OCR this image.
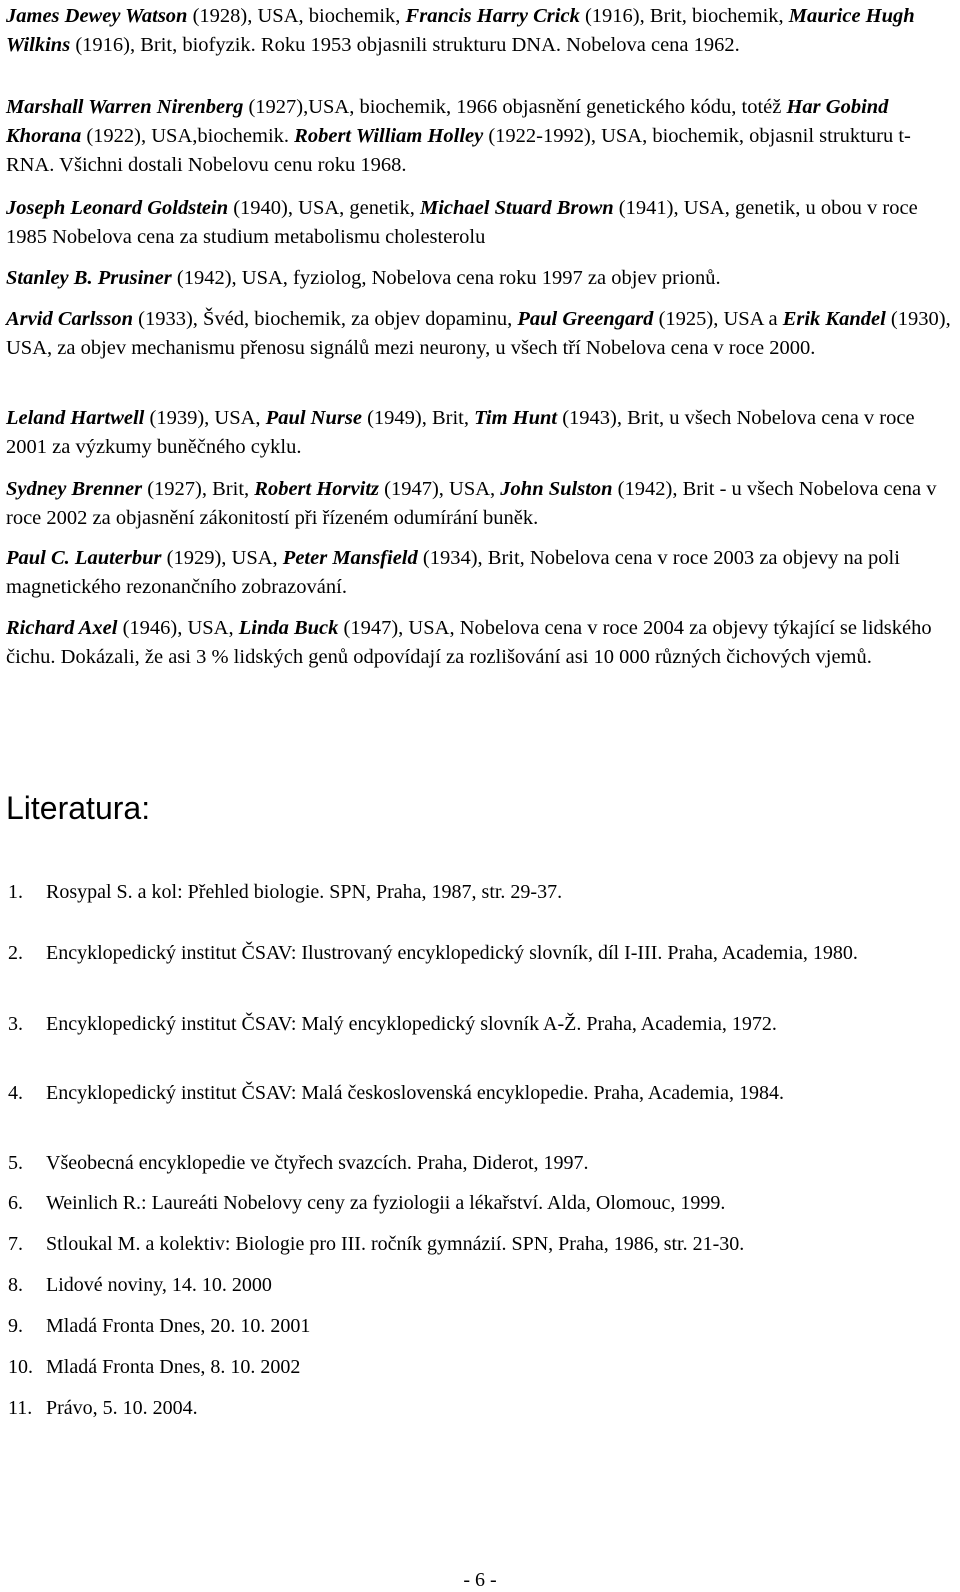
James Dewey Watson (1928), USA, biochemik, Francis Harry Crick (1916), Brit, biochemik, Maurice Hugh Wilkins (1916), Brit, biofyzik. Roku 1953 objasnili strukturu DNA. Nobelova cena 1962.

Marshall Warren Nirenberg (1927),USA, biochemik, 1966 objasnění genetického kódu, totéž Har Gobind Khorana (1922), USA,biochemik. Robert William Holley (1922-1992), USA, biochemik, objasnil strukturu t-RNA. Všichni dostali Nobelovu cenu roku 1968.

Joseph Leonard Goldstein (1940), USA, genetik, Michael Stuard Brown (1941), USA, genetik, u obou v roce 1985 Nobelova cena za studium metabolismu cholesterolu

Stanley B. Prusiner (1942), USA, fyziolog, Nobelova cena roku 1997 za objev prionů.

Arvid Carlsson (1933), Švéd, biochemik, za objev dopaminu, Paul Greengard (1925), USA a Erik Kandel (1930), USA, za objev mechanismu přenosu signálů mezi neurony, u všech tří Nobelova cena v roce 2000.

Leland Hartwell (1939), USA, Paul Nurse (1949), Brit, Tim Hunt (1943), Brit, u všech Nobelova cena v roce 2001 za výzkumy buněčného cyklu.

Sydney Brenner (1927), Brit, Robert Horvitz (1947), USA, John Sulston (1942), Brit - u všech Nobelova cena v roce 2002 za objasnění zákonitostí při řízeném odumírání buněk.

Paul C. Lauterbur (1929), USA, Peter Mansfield (1934), Brit, Nobelova cena v roce 2003 za objevy na poli magnetického rezonančního zobrazování.

Richard Axel (1946), USA, Linda Buck (1947), USA, Nobelova cena v roce 2004 za objevy týkající se lidského čichu. Dokázali, že asi 3 % lidských genů odpovídají za rozlišování asi 10 000 různých čichových vjemů.

Literatura:
1.	Rosypal S. a kol: Přehled biologie. SPN, Praha, 1987, str. 29-37.
2.	Encyklopedický institut ČSAV: Ilustrovaný encyklopedický slovník, díl I-III. Praha, Academia, 1980.
3.	Encyklopedický institut ČSAV: Malý encyklopedický slovník A-Ž. Praha, Academia, 1972.
4.	Encyklopedický institut ČSAV: Malá československá encyklopedie. Praha, Academia, 1984.
5.	Všeobecná encyklopedie ve čtyřech svazcích. Praha, Diderot, 1997.
6.	Weinlich R.: Laureáti Nobelovy ceny za fyziologii a lékařství. Alda, Olomouc, 1999.
7.	Stloukal M. a kolektiv: Biologie pro III. ročník gymnázií. SPN, Praha, 1986, str. 21-30.
8.	Lidové noviny, 14. 10. 2000
9.	Mladá Fronta Dnes, 20. 10. 2001
10. Mladá Fronta Dnes, 8. 10. 2002
11. Právo, 5. 10. 2004.
- 6 -
